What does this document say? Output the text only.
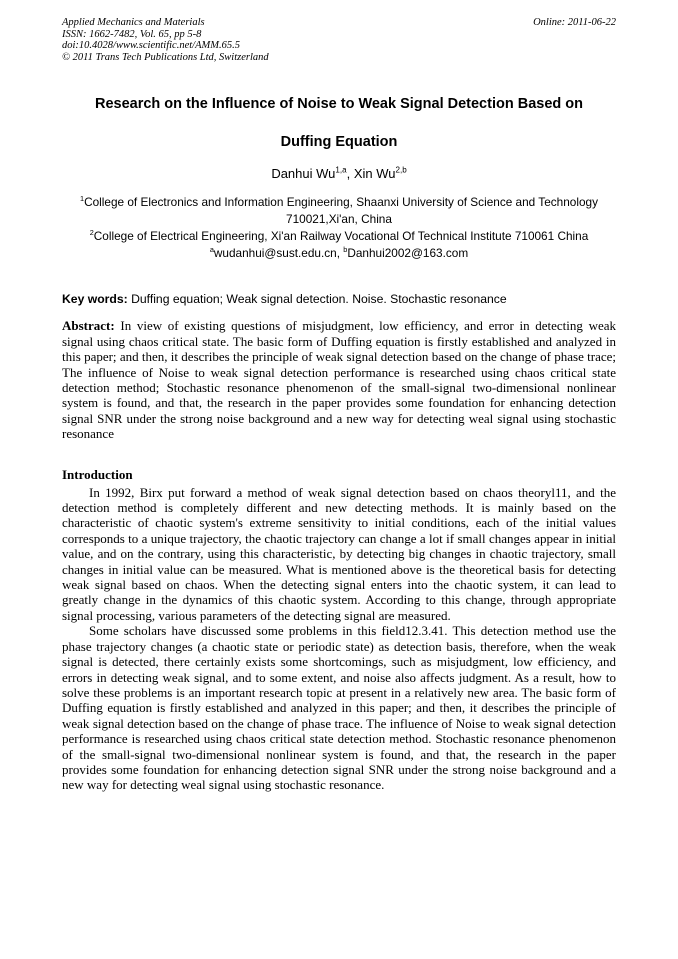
Applied Mechanics and Materials
ISSN: 1662-7482, Vol. 65, pp 5-8
doi:10.4028/www.scientific.net/AMM.65.5
© 2011 Trans Tech Publications Ltd, Switzerland
Online: 2011-06-22
Research on the Influence of Noise to Weak Signal Detection Based on
Duffing Equation
Danhui Wu$^{1,a}$, Xin Wu$^{2,b}$
$^1$College of Electronics and Information Engineering, Shaanxi University of Science and Technology 710021,Xi'an, China
$^2$College of Electrical Engineering, Xi'an Railway Vocational Of Technical Institute 710061 China
$^a$wudanhui@sust.edu.cn, $^b$Danhui2002@163.com

Key words: Duffing equation; Weak signal detection. Noise. Stochastic resonance

Abstract: In view of existing questions of misjudgment, low efficiency, and error in detecting weak signal using chaos critical state. The basic form of Duffing equation is firstly established and analyzed in this paper; and then, it describes the principle of weak signal detection based on the change of phase trace; The influence of Noise to weak signal detection performance is researched using chaos critical state detection method; Stochastic resonance phenomenon of the small-signal two-dimensional nonlinear system is found, and that, the research in the paper provides some foundation for enhancing detection signal SNR under the strong noise background and a new way for detecting weal signal using stochastic resonance

Introduction

In 1992, Birx put forward a method of weak signal detection based on chaos theoryl11, and the detection method is completely different and new detecting methods. It is mainly based on the characteristic of chaotic system's extreme sensitivity to initial conditions, each of the initial values corresponds to a unique trajectory, the chaotic trajectory can change a lot if small changes appear in initial value, and on the contrary, using this characteristic, by detecting big changes in chaotic trajectory, small changes in initial value can be measured. What is mentioned above is the theoretical basis for detecting weak signal based on chaos. When the detecting signal enters into the chaotic system, it can lead to greatly change in the dynamics of this chaotic system. According to this change, through appropriate signal processing, various parameters of the detecting signal are measured.

Some scholars have discussed some problems in this field12.3.41. This detection method use the phase trajectory changes (a chaotic state or periodic state) as detection basis, therefore, when the weak signal is detected, there certainly exists some shortcomings, such as misjudgment, low efficiency, and errors in detecting weak signal, and to some extent, and noise also affects judgment. As a result, how to solve these problems is an important research topic at present in a relatively new area. The basic form of Duffing equation is firstly established and analyzed in this paper; and then, it describes the principle of weak signal detection based on the change of phase trace. The influence of Noise to weak signal detection performance is researched using chaos critical state detection method. Stochastic resonance phenomenon of the small-signal two-dimensional nonlinear system is found, and that, the research in the paper provides some foundation for enhancing detection signal SNR under the strong noise background and a new way for detecting weal signal using stochastic resonance.
